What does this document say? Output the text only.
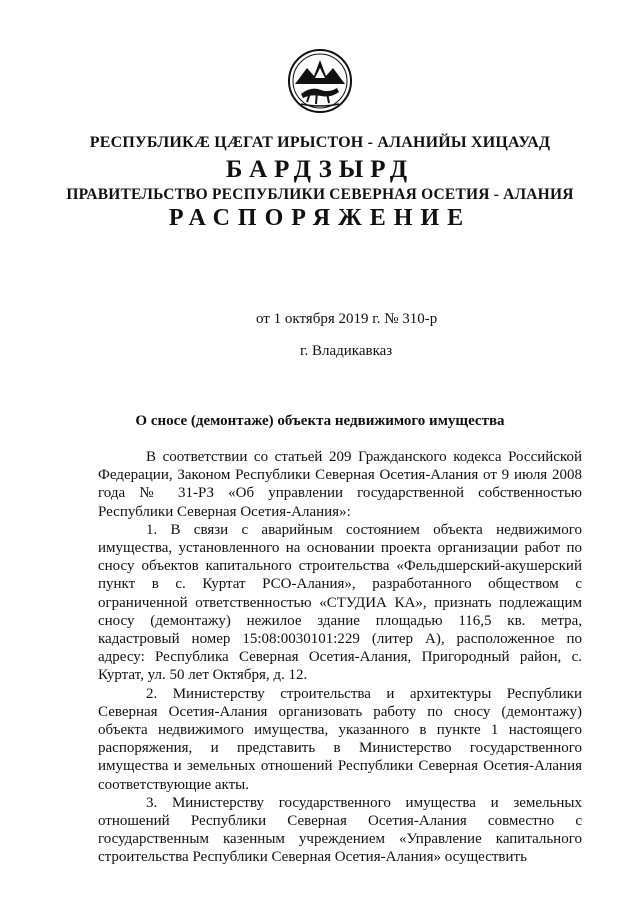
РЕСПУБЛИКÆ ЦÆГАТ ИРЫСТОН - АЛАНИЙЫ ХИЦАУАД
БАРДЗЫРД
ПРАВИТЕЛЬСТВО РЕСПУБЛИКИ СЕВЕРНАЯ ОСЕТИЯ - АЛАНИЯ
РАСПОРЯЖЕНИЕ
от 1 октября 2019 г. № 310-р
г. Владикавказ
О сносе (демонтаже) объекта недвижимого имущества

В соответствии со статьей 209 Гражданского кодекса Российской Федерации, Законом Республики Северная Осетия-Алания от 9 июля 2008 года № 31-РЗ «Об управлении государственной собственностью Республики Северная Осетия-Алания»:

1. В связи с аварийным состоянием объекта недвижимого имущества, установленного на основании проекта организации работ по сносу объектов капитального строительства «Фельдшерский-акушерский пункт в с. Куртат РСО-Алания», разработанного обществом с ограниченной ответственностью «СТУДИА КА», признать подлежащим сносу (демонтажу) нежилое здание площадью 116,5 кв. метра, кадастровый номер 15:08:0030101:229 (литер А), расположенное по адресу: Республика Северная Осетия-Алания, Пригородный район, с. Куртат, ул. 50 лет Октября, д. 12.

2. Министерству строительства и архитектуры Республики Северная Осетия-Алания организовать работу по сносу (демонтажу) объекта недвижимого имущества, указанного в пункте 1 настоящего распоряжения, и представить в Министерство государственного имущества и земельных отношений Республики Северная Осетия-Алания соответствующие акты.

3. Министерству государственного имущества и земельных отношений Республики Северная Осетия-Алания совместно с государственным казенным учреждением «Управление капитального строительства Республики Северная Осетия-Алания» осуществить
